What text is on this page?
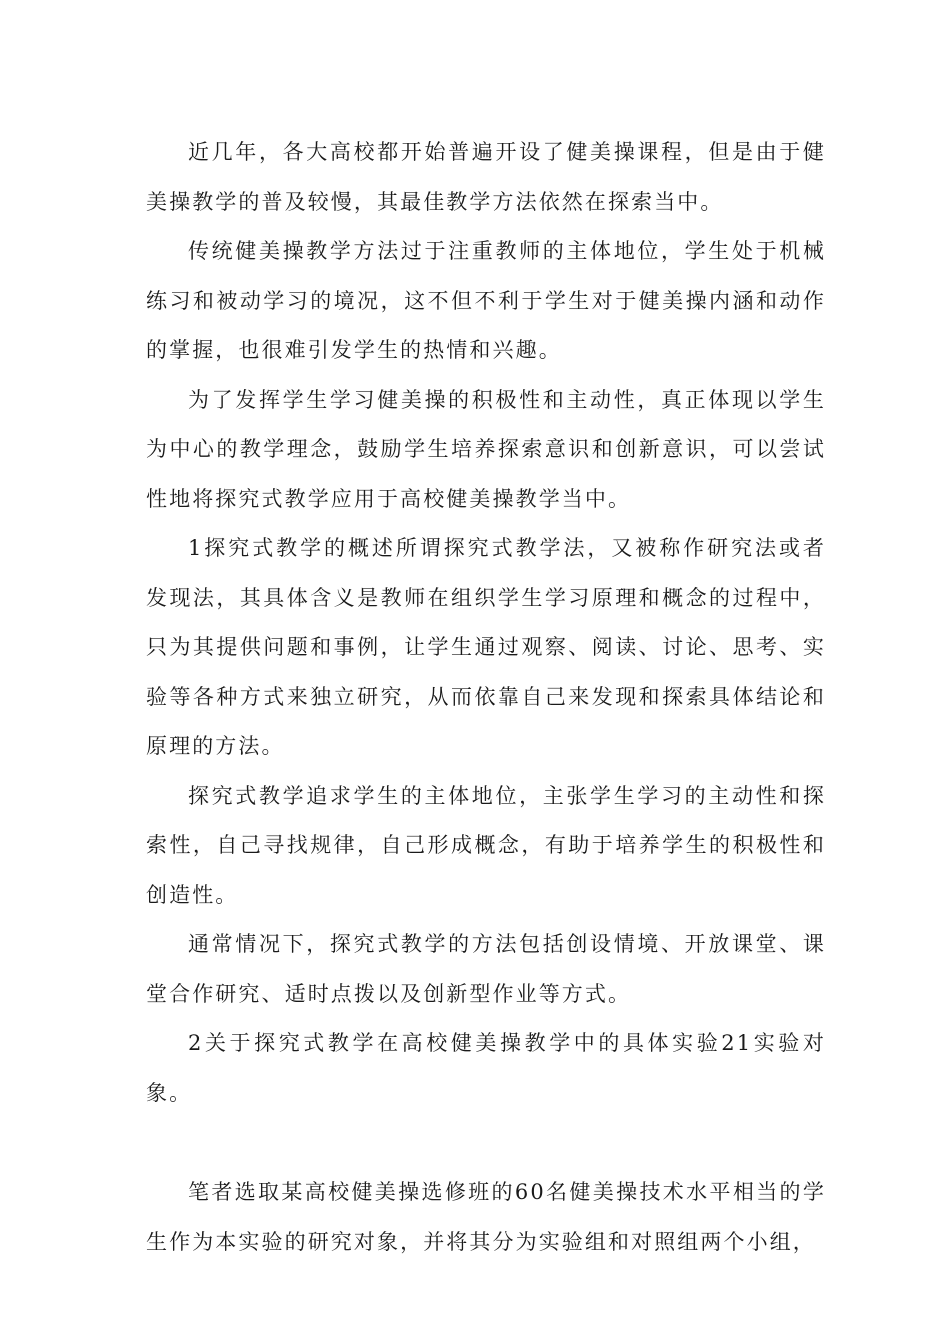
近几年，各大高校都开始普遍开设了健美操课程，但是由于健美操教学的普及较慢，其最佳教学方法依然在探索当中。

传统健美操教学方法过于注重教师的主体地位，学生处于机械练习和被动学习的境况，这不但不利于学生对于健美操内涵和动作的掌握，也很难引发学生的热情和兴趣。

为了发挥学生学习健美操的积极性和主动性，真正体现以学生为中心的教学理念，鼓励学生培养探索意识和创新意识，可以尝试性地将探究式教学应用于高校健美操教学当中。

1探究式教学的概述所谓探究式教学法，又被称作研究法或者发现法，其具体含义是教师在组织学生学习原理和概念的过程中，只为其提供问题和事例，让学生通过观察、阅读、讨论、思考、实验等各种方式来独立研究，从而依靠自己来发现和探索具体结论和原理的方法。

探究式教学追求学生的主体地位，主张学生学习的主动性和探索性，自己寻找规律，自己形成概念，有助于培养学生的积极性和创造性。

通常情况下，探究式教学的方法包括创设情境、开放课堂、课堂合作研究、适时点拨以及创新型作业等方式。

2关于探究式教学在高校健美操教学中的具体实验21实验对象。

笔者选取某高校健美操选修班的60名健美操技术水平相当的学生作为本实验的研究对象，并将其分为实验组和对照组两个小组，
